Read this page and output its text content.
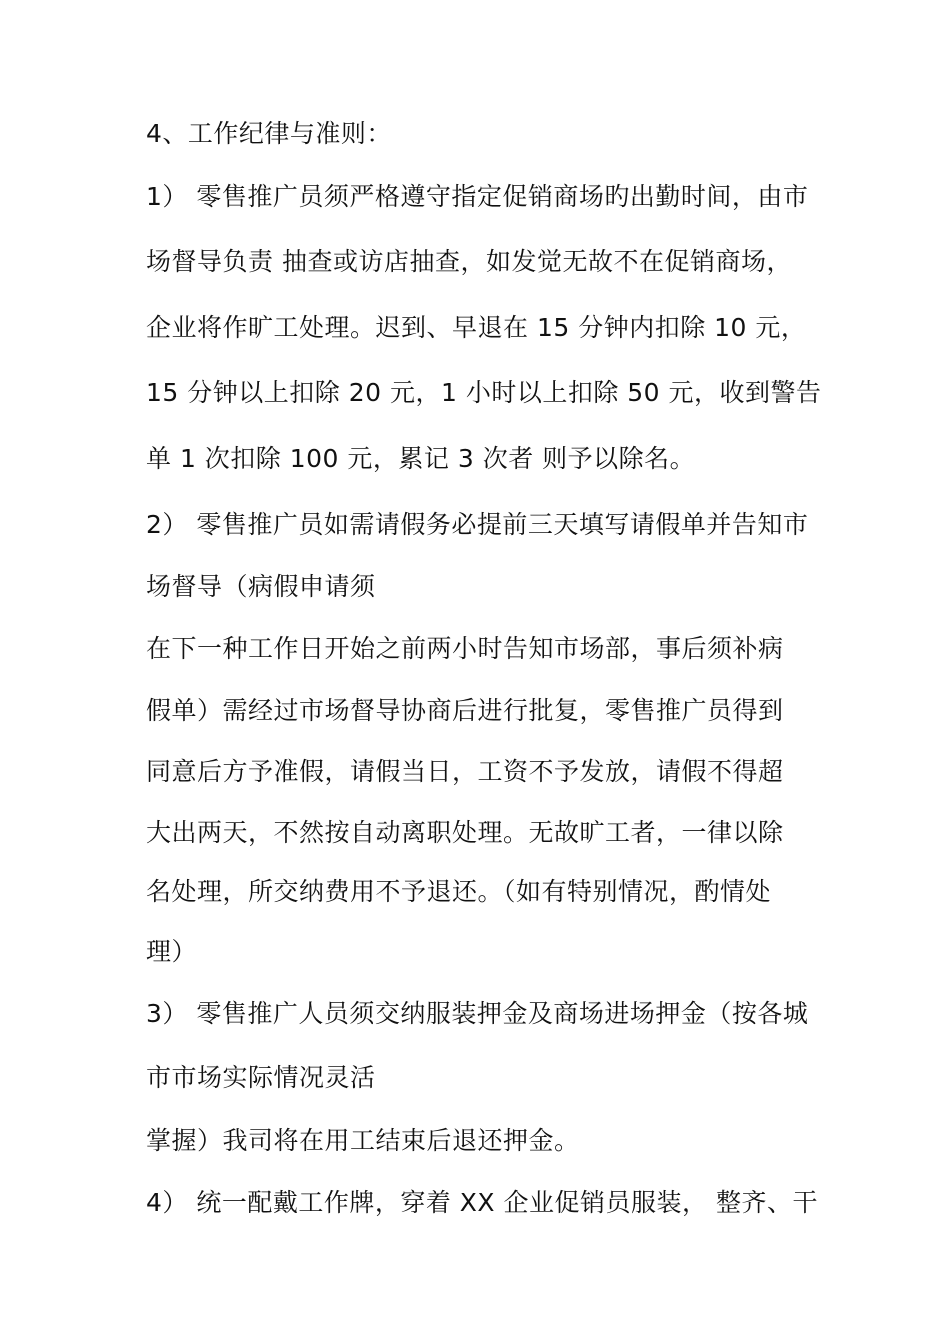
4、工作纪律与准则：
1） 零售推广员须严格遵守指定促销商场旳出勤时间，由市
场督导负责 抽查或访店抽查，如发觉无故不在促销商场，
企业将作旷工处理。迟到、早退在 15 分钟内扣除 10 元，
15 分钟以上扣除 20 元，1 小时以上扣除 50 元，收到警告
单 1 次扣除 100 元，累记 3 次者 则予以除名。
2） 零售推广员如需请假务必提前三天填写请假单并告知市
场督导（病假申请须
在下一种工作日开始之前两小时告知市场部，事后须补病
假单）需经过市场督导协商后进行批复，零售推广员得到
同意后方予准假，请假当日，工资不予发放，请假不得超
大出两天，不然按自动离职处理。无故旷工者，一律以除
名处理，所交纳费用不予退还。（如有特别情况，酌情处
理）
3） 零售推广人员须交纳服装押金及商场进场押金（按各城
市市场实际情况灵活
掌握）我司将在用工结束后退还押金。
4） 统一配戴工作牌，穿着 XX 企业促销员服装， 整齐、干
